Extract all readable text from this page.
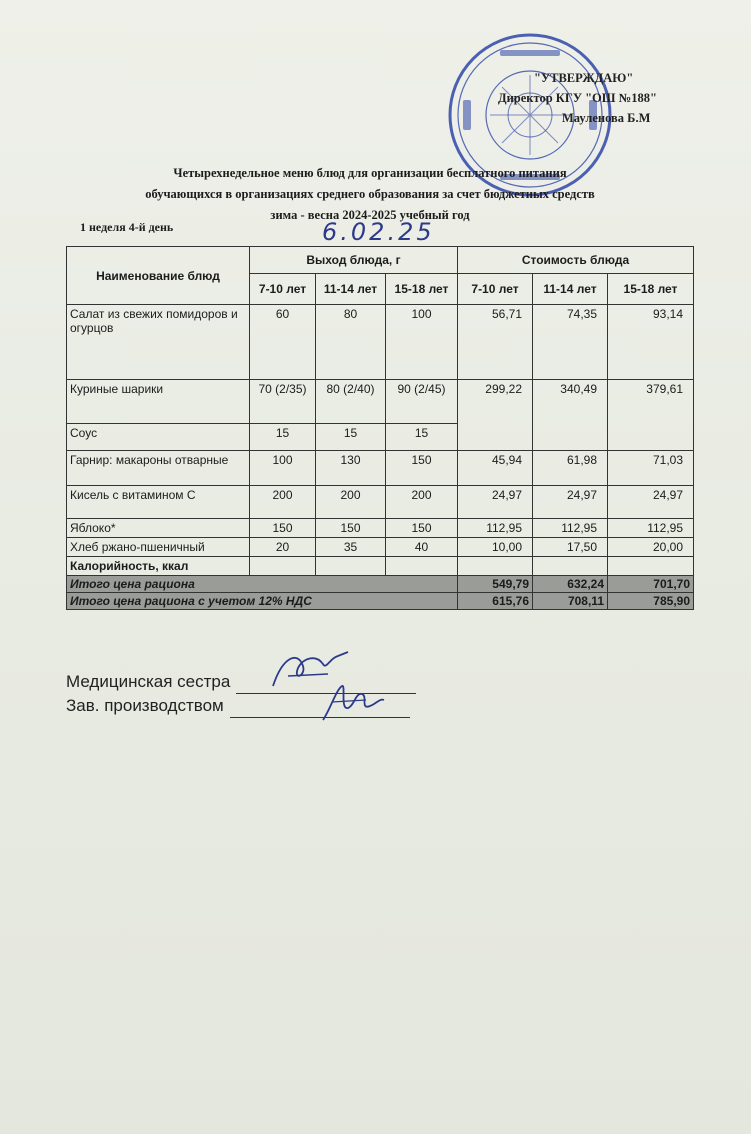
"УТВЕРЖДАЮ"
Директор КГУ "ОШ №188"
Мауленова Б.М
Четырехнедельное меню блюд для организации бесплатного питания
обучающихся в организациях среднего образования за счет бюджетных средств
зима - весна 2024-2025 учебный год
1 неделя 4-й день	6.02.25
Наименование блюд	Выход блюда, г			Стоимость блюда		
	7-10 лет	11-14 лет	15-18 лет	7-10 лет	11-14 лет	15-18 лет
Салат из свежих помидоров и огурцов	60	80	100	56,71	74,35	93,14
Куриные шарики	70 (2/35)	80 (2/40)	90 (2/45)	299,22	340,49	379,61
Соус	15	15	15			
Гарнир: макароны отварные	100	130	150	45,94	61,98	71,03
Кисель с витамином С	200	200	200	24,97	24,97	24,97
Яблоко*	150	150	150	112,95	112,95	112,95
Хлеб ржано-пшеничный	20	35	40	10,00	17,50	20,00
Калорийность, ккал						
Итого цена рациона				549,79	632,24	701,70
Итого цена рациона с учетом 12% НДС				615,76	708,11	785,90
Медицинская сестра
Зав. производством
